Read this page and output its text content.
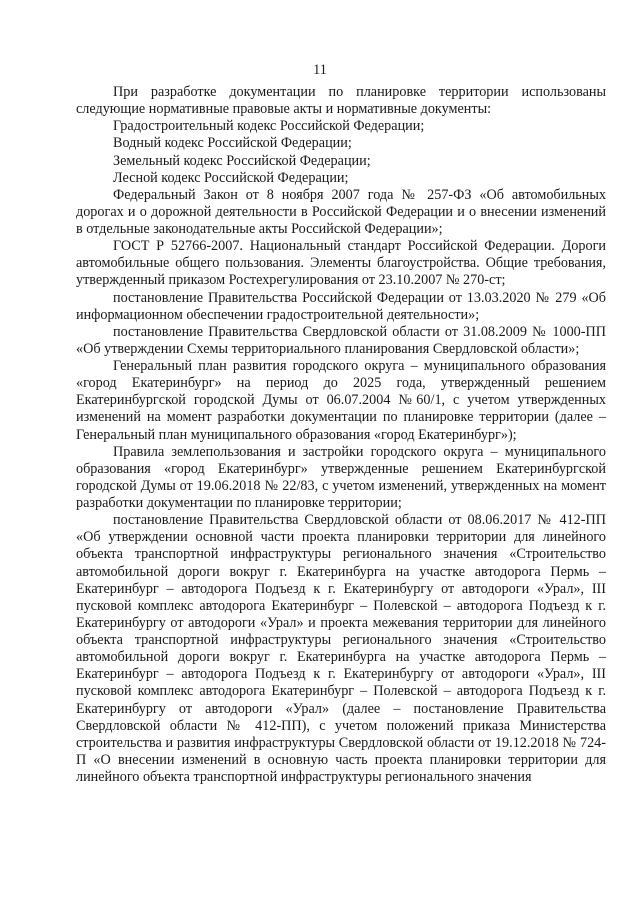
11

При разработке документации по планировке территории использованы следующие нормативные правовые акты и нормативные документы:

Градостроительный кодекс Российской Федерации;

Водный кодекс Российской Федерации;

Земельный кодекс Российской Федерации;

Лесной кодекс Российской Федерации;

Федеральный Закон от 8 ноября 2007 года № 257-ФЗ «Об автомобильных дорогах и о дорожной деятельности в Российской Федерации и о внесении изменений в отдельные законодательные акты Российской Федерации»;

ГОСТ Р 52766-2007. Национальный стандарт Российской Федерации. Дороги автомобильные общего пользования. Элементы благоустройства. Общие требования, утвержденный приказом Ростехрегулирования от 23.10.2007 № 270-ст;

постановление Правительства Российской Федерации от 13.03.2020 № 279 «Об информационном обеспечении градостроительной деятельности»;

постановление Правительства Свердловской области от 31.08.2009 № 1000-ПП «Об утверждении Схемы территориального планирования Свердловской области»;

Генеральный план развития городского округа – муниципального образования «город Екатеринбург» на период до 2025 года, утвержденный решением Екатеринбургской городской Думы от 06.07.2004 №60/1, с учетом утвержденных изменений на момент разработки документации по планировке территории (далее – Генеральный план муниципального образования «город Екатеринбург»);

Правила землепользования и застройки городского округа – муниципального образования «город Екатеринбург» утвержденные решением Екатеринбургской городской Думы от 19.06.2018 № 22/83, с учетом изменений, утвержденных на момент разработки документации по планировке территории;

постановление Правительства Свердловской области от 08.06.2017 № 412-ПП «Об утверждении основной части проекта планировки территории для линейного объекта транспортной инфраструктуры регионального значения «Строительство автомобильной дороги вокруг г. Екатеринбурга на участке автодорога Пермь – Екатеринбург – автодорога Подъезд к г. Екатеринбургу от автодороги «Урал», III пусковой комплекс автодорога Екатеринбург – Полевской – автодорога Подъезд к г. Екатеринбургу от автодороги «Урал» и проекта межевания территории для линейного объекта транспортной инфраструктуры регионального значения «Строительство автомобильной дороги вокруг г. Екатеринбурга на участке автодорога Пермь – Екатеринбург – автодорога Подъезд к г. Екатеринбургу от автодороги «Урал», III пусковой комплекс автодорога Екатеринбург – Полевской – автодорога Подъезд к г. Екатеринбургу от автодороги «Урал» (далее – постановление Правительства Свердловской области № 412-ПП), с учетом положений приказа Министерства строительства и развития инфраструктуры Свердловской области от 19.12.2018 № 724-П «О внесении изменений в основную часть проекта планировки территории для линейного объекта транспортной инфраструктуры регионального значения
